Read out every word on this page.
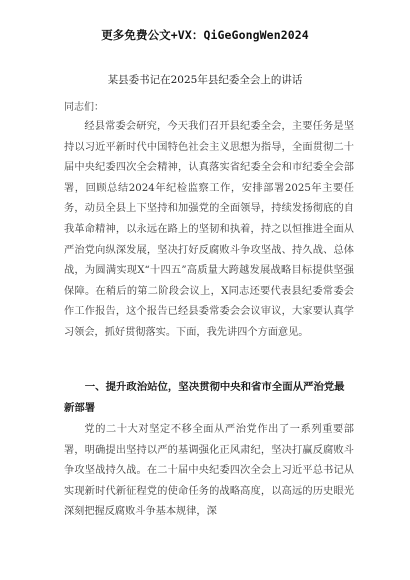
更多免费公文+VX：QiGeGongWen2024
某县委书记在2025年县纪委全会上的讲话
同志们：

经县常委会研究，今天我们召开县纪委全会，主要任务是坚持以习近平新时代中国特色社会主义思想为指导，全面贯彻二十届中央纪委四次全会精神，认真落实省纪委全会和市纪委全会部署，回顾总结2024年纪检监察工作，安排部署2025年主要任务，动员全县上下坚持和加强党的全面领导，持续发扬彻底的自我革命精神，以永远在路上的坚韧和执着，持之以恒推进全面从严治党向纵深发展，坚决打好反腐败斗争攻坚战、持久战、总体战，为圆满实现X“十四五”高质量大跨越发展战略目标提供坚强保障。在稍后的第二阶段会议上，X同志还要代表县纪委常委会作工作报告，这个报告已经县委常委会会议审议，大家要认真学习领会，抓好贯彻落实。下面，我先讲四个方面意见。

一、提升政治站位，坚决贯彻中央和省市全面从严治党最新部署

党的二十大对坚定不移全面从严治党作出了一系列重要部署，明确提出坚持以严的基调强化正风肃纪，坚决打赢反腐败斗争攻坚战持久战。在二十届中央纪委四次全会上习近平总书记从实现新时代新征程党的使命任务的战略高度，以高远的历史眼光深刻把握反腐败斗争基本规律，深
